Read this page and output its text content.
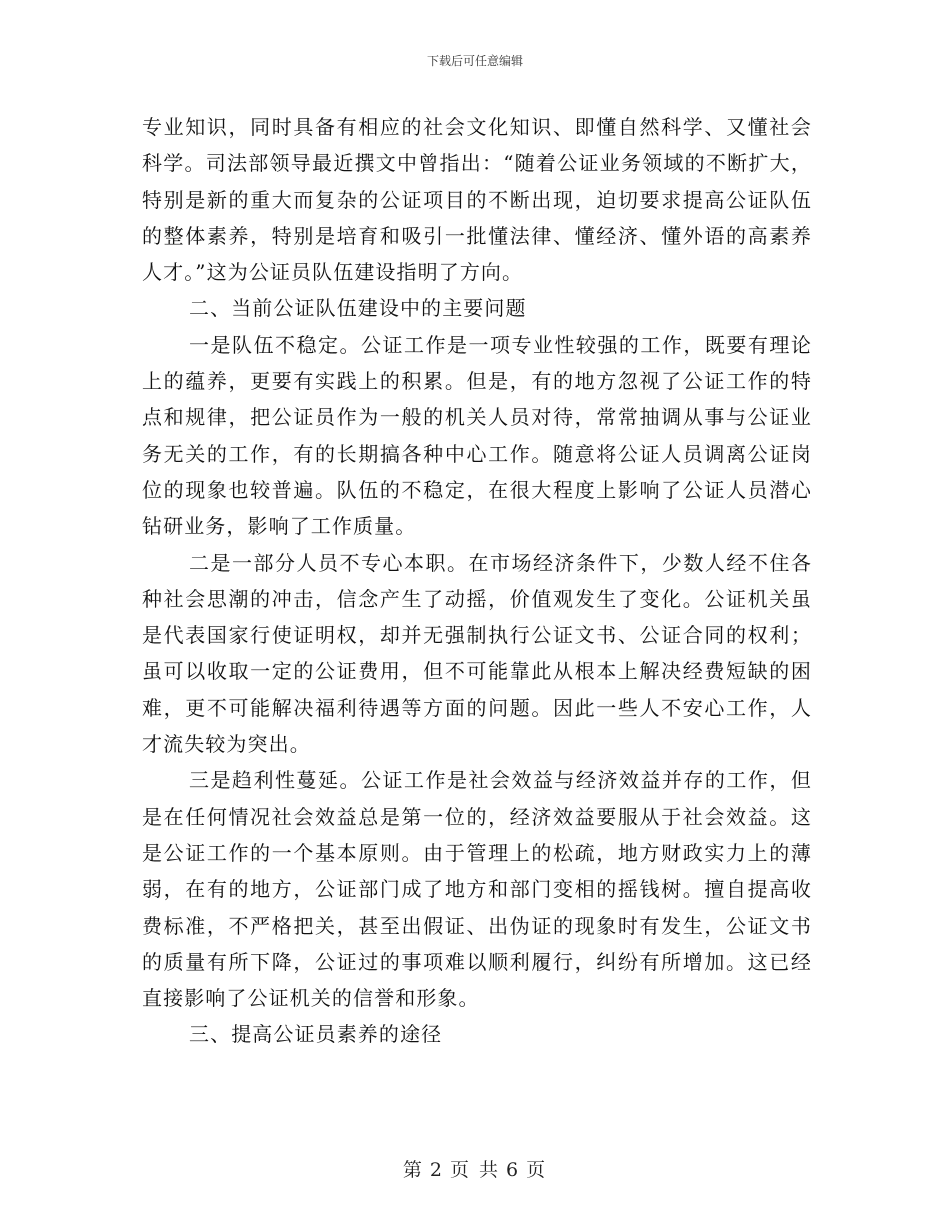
下载后可任意编辑

专业知识，同时具备有相应的社会文化知识、即懂自然科学、又懂社会科学。司法部领导最近撰文中曾指出：“随着公证业务领域的不断扩大，特别是新的重大而复杂的公证项目的不断出现，迫切要求提高公证队伍的整体素养，特别是培育和吸引一批懂法律、懂经济、懂外语的高素养人才。”这为公证员队伍建设指明了方向。

二、当前公证队伍建设中的主要问题

一是队伍不稳定。公证工作是一项专业性较强的工作，既要有理论上的蕴养，更要有实践上的积累。但是，有的地方忽视了公证工作的特点和规律，把公证员作为一般的机关人员对待，常常抽调从事与公证业务无关的工作，有的长期搞各种中心工作。随意将公证人员调离公证岗位的现象也较普遍。队伍的不稳定，在很大程度上影响了公证人员潜心钻研业务，影响了工作质量。

二是一部分人员不专心本职。在市场经济条件下，少数人经不住各种社会思潮的冲击，信念产生了动摇，价值观发生了变化。公证机关虽是代表国家行使证明权，却并无强制执行公证文书、公证合同的权利；虽可以收取一定的公证费用，但不可能靠此从根本上解决经费短缺的困难，更不可能解决福利待遇等方面的问题。因此一些人不安心工作，人才流失较为突出。

三是趋利性蔓延。公证工作是社会效益与经济效益并存的工作，但是在任何情况社会效益总是第一位的，经济效益要服从于社会效益。这是公证工作的一个基本原则。由于管理上的松疏，地方财政实力上的薄弱，在有的地方，公证部门成了地方和部门变相的摇钱树。擅自提高收费标准，不严格把关，甚至出假证、出伪证的现象时有发生，公证文书的质量有所下降，公证过的事项难以顺利履行，纠纷有所增加。这已经直接影响了公证机关的信誉和形象。

三、提高公证员素养的途径

第 2 页 共 6 页
